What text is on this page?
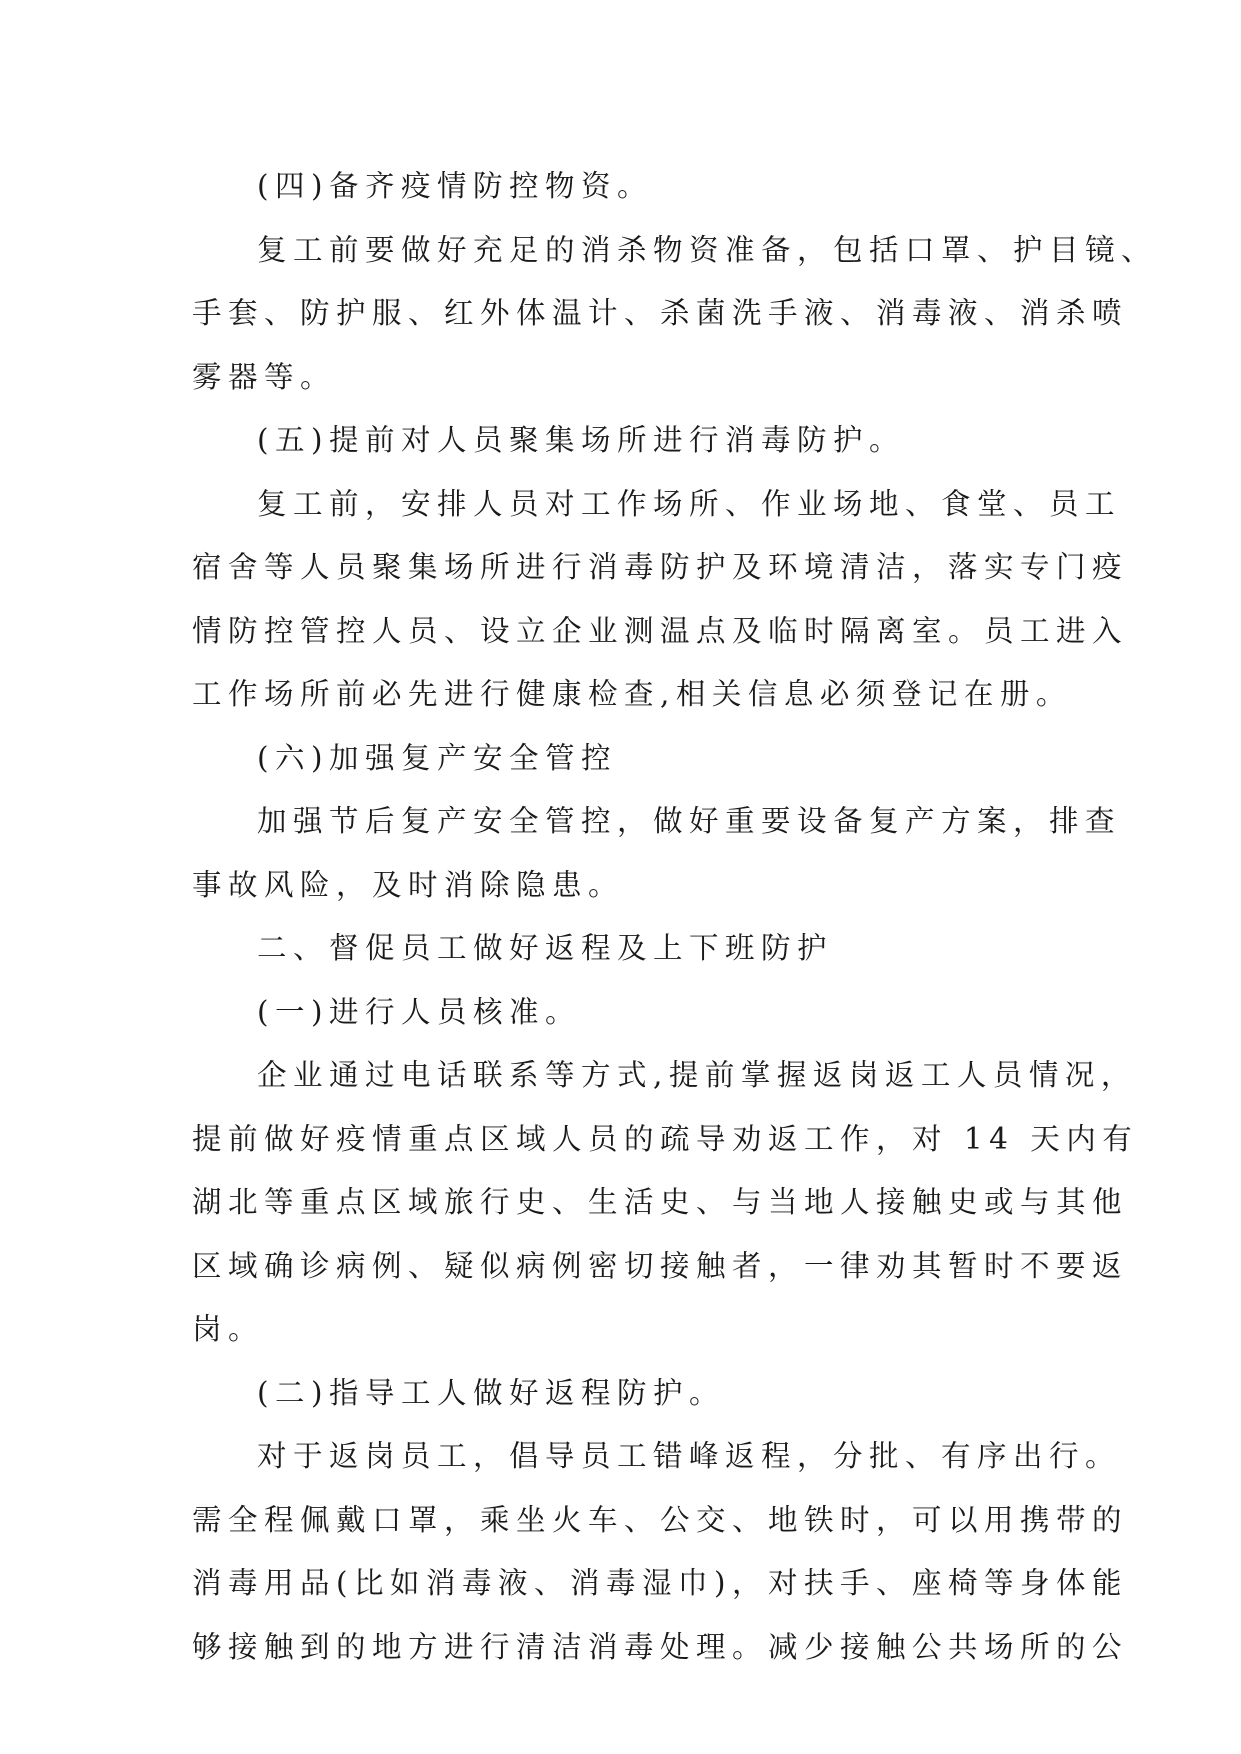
(四)备齐疫情防控物资。
复工前要做好充足的消杀物资准备，包括口罩、护目镜、
手套、防护服、红外体温计、杀菌洗手液、消毒液、消杀喷
雾器等。
(五)提前对人员聚集场所进行消毒防护。
复工前，安排人员对工作场所、作业场地、食堂、员工
宿舍等人员聚集场所进行消毒防护及环境清洁，落实专门疫
情防控管控人员、设立企业测温点及临时隔离室。员工进入
工作场所前必先进行健康检查,相关信息必须登记在册。
(六)加强复产安全管控
加强节后复产安全管控，做好重要设备复产方案，排查
事故风险，及时消除隐患。
二、督促员工做好返程及上下班防护
(一)进行人员核准。
企业通过电话联系等方式,提前掌握返岗返工人员情况，
提前做好疫情重点区域人员的疏导劝返工作，对 14 天内有
湖北等重点区域旅行史、生活史、与当地人接触史或与其他
区域确诊病例、疑似病例密切接触者，一律劝其暂时不要返
岗。
(二)指导工人做好返程防护。
对于返岗员工，倡导员工错峰返程，分批、有序出行。
需全程佩戴口罩，乘坐火车、公交、地铁时，可以用携带的
消毒用品(比如消毒液、消毒湿巾)，对扶手、座椅等身体能
够接触到的地方进行清洁消毒处理。减少接触公共场所的公
